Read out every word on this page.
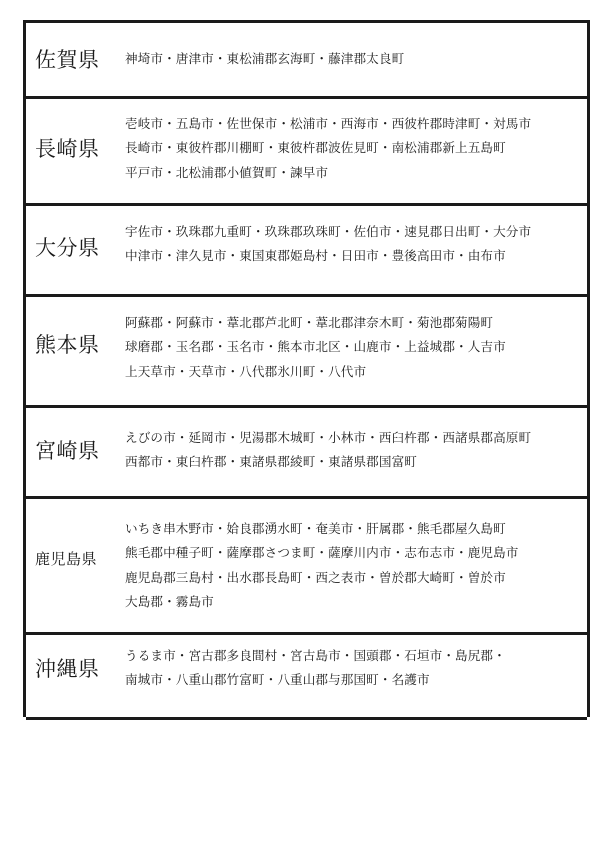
佐賀県 神埼市・唐津市・東松浦郡玄海町・藤津郡太良町
長崎県
壱岐市・五島市・佐世保市・松浦市・西海市・西彼杵郡時津町・対馬市
長崎市・東彼杵郡川棚町・東彼杵郡波佐見町・南松浦郡新上五島町
平戸市・北松浦郡小値賀町・諫早市
大分県
宇佐市・玖珠郡九重町・玖珠郡玖珠町・佐伯市・速見郡日出町・大分市
中津市・津久見市・東国東郡姫島村・日田市・豊後高田市・由布市
熊本県
阿蘇郡・阿蘇市・葦北郡芦北町・葦北郡津奈木町・菊池郡菊陽町
球磨郡・玉名郡・玉名市・熊本市北区・山鹿市・上益城郡・人吉市
上天草市・天草市・八代郡氷川町・八代市
宮崎県
えびの市・延岡市・児湯郡木城町・小林市・西臼杵郡・西諸県郡高原町
西都市・東臼杵郡・東諸県郡綾町・東諸県郡国富町
鹿児島県
いちき串木野市・姶良郡湧水町・奄美市・肝属郡・熊毛郡屋久島町
熊毛郡中種子町・薩摩郡さつま町・薩摩川内市・志布志市・鹿児島市
鹿児島郡三島村・出水郡長島町・西之表市・曽於郡大崎町・曽於市
大島郡・霧島市
沖縄県
うるま市・宮古郡多良間村・宮古島市・国頭郡・石垣市・島尻郡・
南城市・八重山郡竹富町・八重山郡与那国町・名護市
